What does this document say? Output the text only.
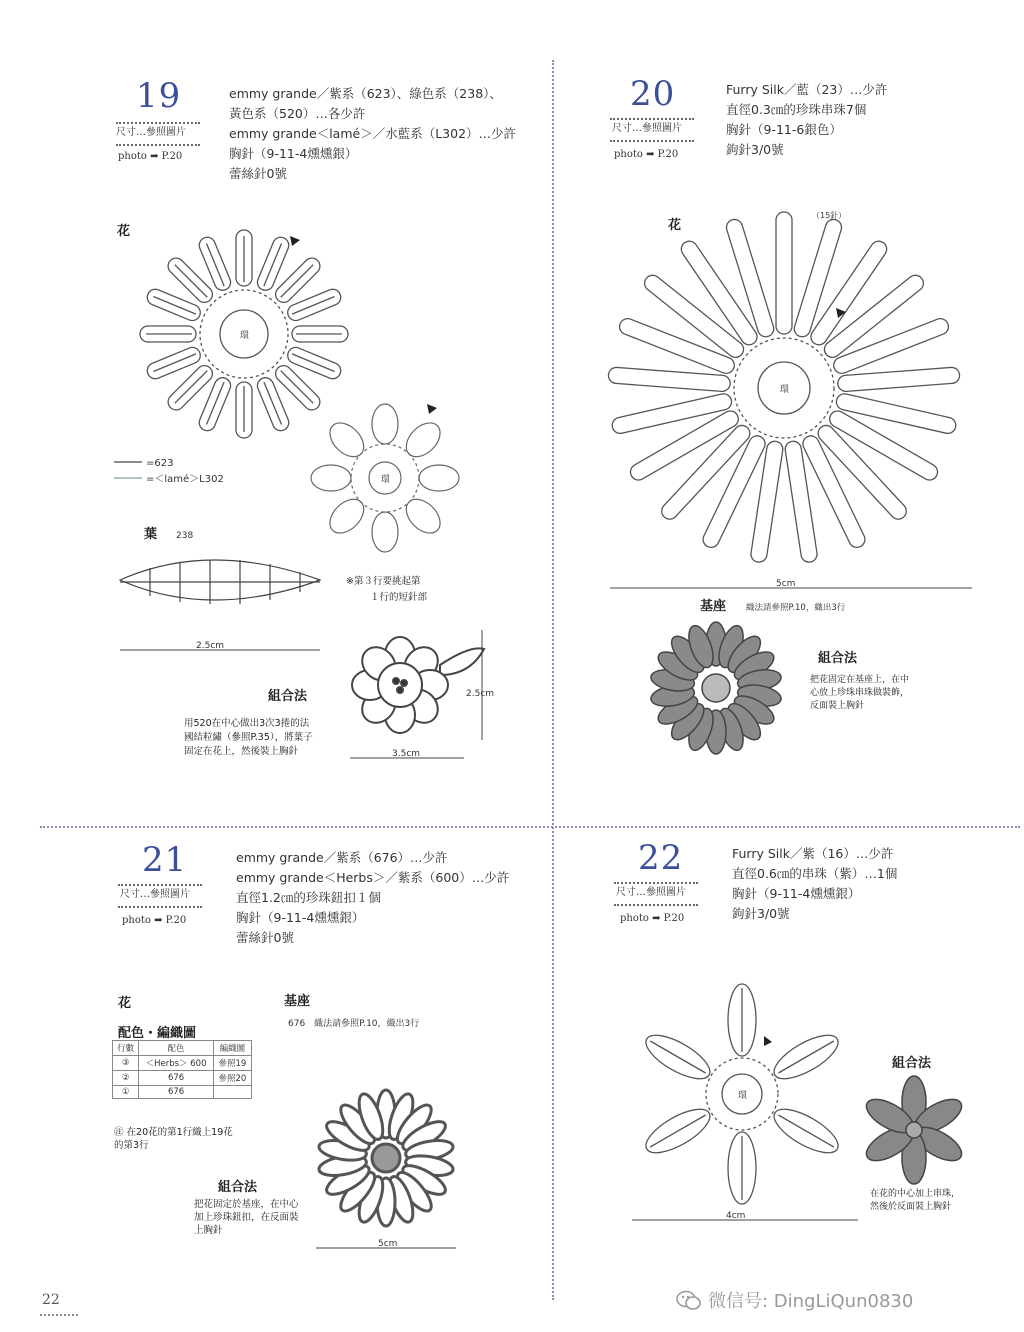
19
尺寸…參照圖片
photo ➡ P.20
emmy grande／紫系（623）、綠色系（238）、
黃色系（520）…各少許
emmy grande＜lamé＞／水藍系（L302）…少許
胸針（9-11-4燻燻銀）
蕾絲針0號
花
環
=623
=＜lamé＞L302	環
※第３行要挑起第
１行的短針部
葉 238
2.5cm
組合法
用520在中心做出3次3捲的法
國結粒繡（參照P.35），將葉子
固定在花上，然後裝上胸針
2.5cm
3.5cm
20
尺寸…參照圖片
photo ➡ P.20
Furry Silk／藍（23）…少許
直徑0.3㎝的珍珠串珠7個
胸針（9-11-6銀色）
鉤針3/0號
花
環
（15針）
5cm
基座 織法請參照P.10，織出3行
組合法
把花固定在基座上，在中
心放上珍珠串珠做裝飾，
反面裝上胸針
21
尺寸…參照圖片
photo ➡ P.20
emmy grande／紫系（676）…少許
emmy grande＜Herbs＞／紫系（600）…少許
直徑1.2㎝的珍珠鈕扣１個
胸針（9-11-4燻燻銀）
蕾絲針0號
花
配色・編織圖
行數	配色	編織圖
③	＜Herbs＞ 600	參照19
②	676	參照20
①	676	
㊟ 在20花的第1行織上19花
的第3行
基座
676　織法請參照P.10，織出3行
5cm
組合法
把花固定於基座，在中心
加上珍珠鈕扣，在反面裝
上胸針
22
尺寸…參照圖片
photo ➡ P.20
Furry Silk／紫（16）…少許
直徑0.6㎝的串珠（紫）…1個
胸針（9-11-4燻燻銀）
鉤針3/0號
環
4cm
組合法
在花的中心加上串珠，
然後於反面裝上胸針
22	微信号: DingLiQun0830
